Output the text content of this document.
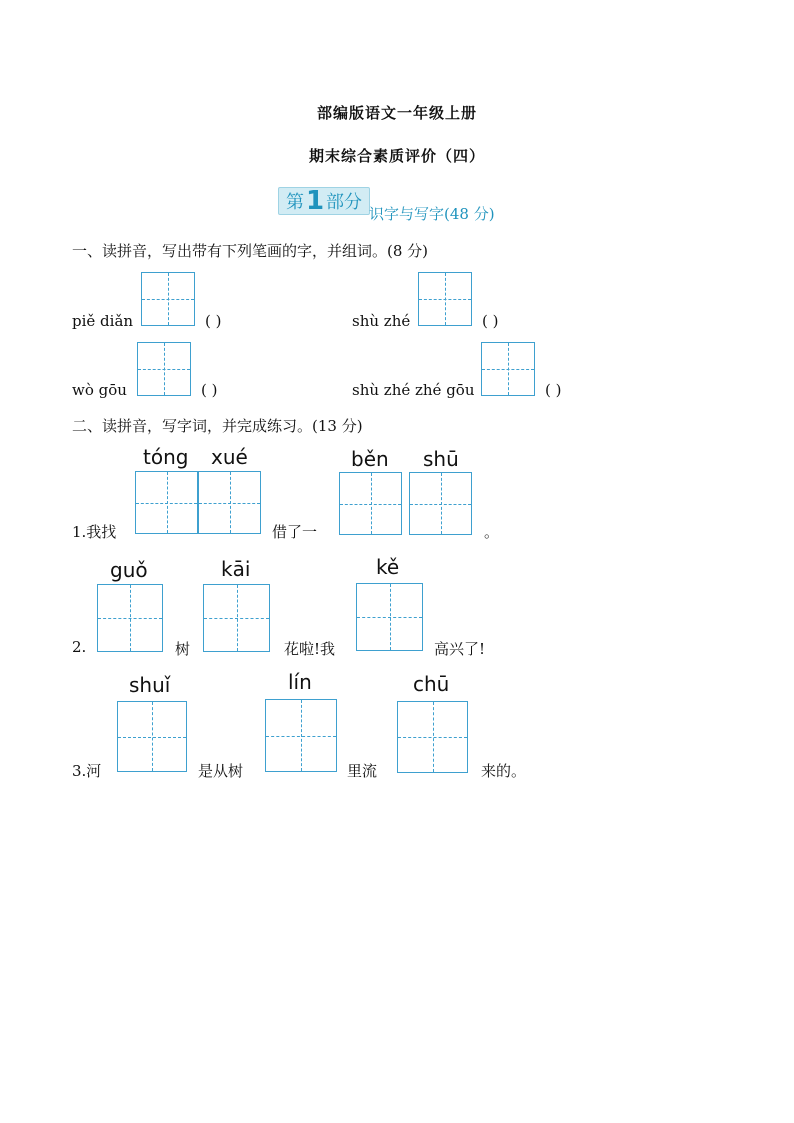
部编版语文一年级上册
期末综合素质评价（四）
第 1 部分
识字与写字(48 分)
一、读拼音，写出带有下列笔画的字，并组词。(8 分)
piě diǎn	( )	shù zhé	( )
wò gōu	( )	shù zhé zhé gōu	( )
二、读拼音，写字词，并完成练习。(13 分)
tóng xué	běn shū
1.我找	借了一	。
guǒ	kāi	kě
2.	树	花啦!我	高兴了!
shuǐ	lín	chū
3.河	是从树	里流	来的。
